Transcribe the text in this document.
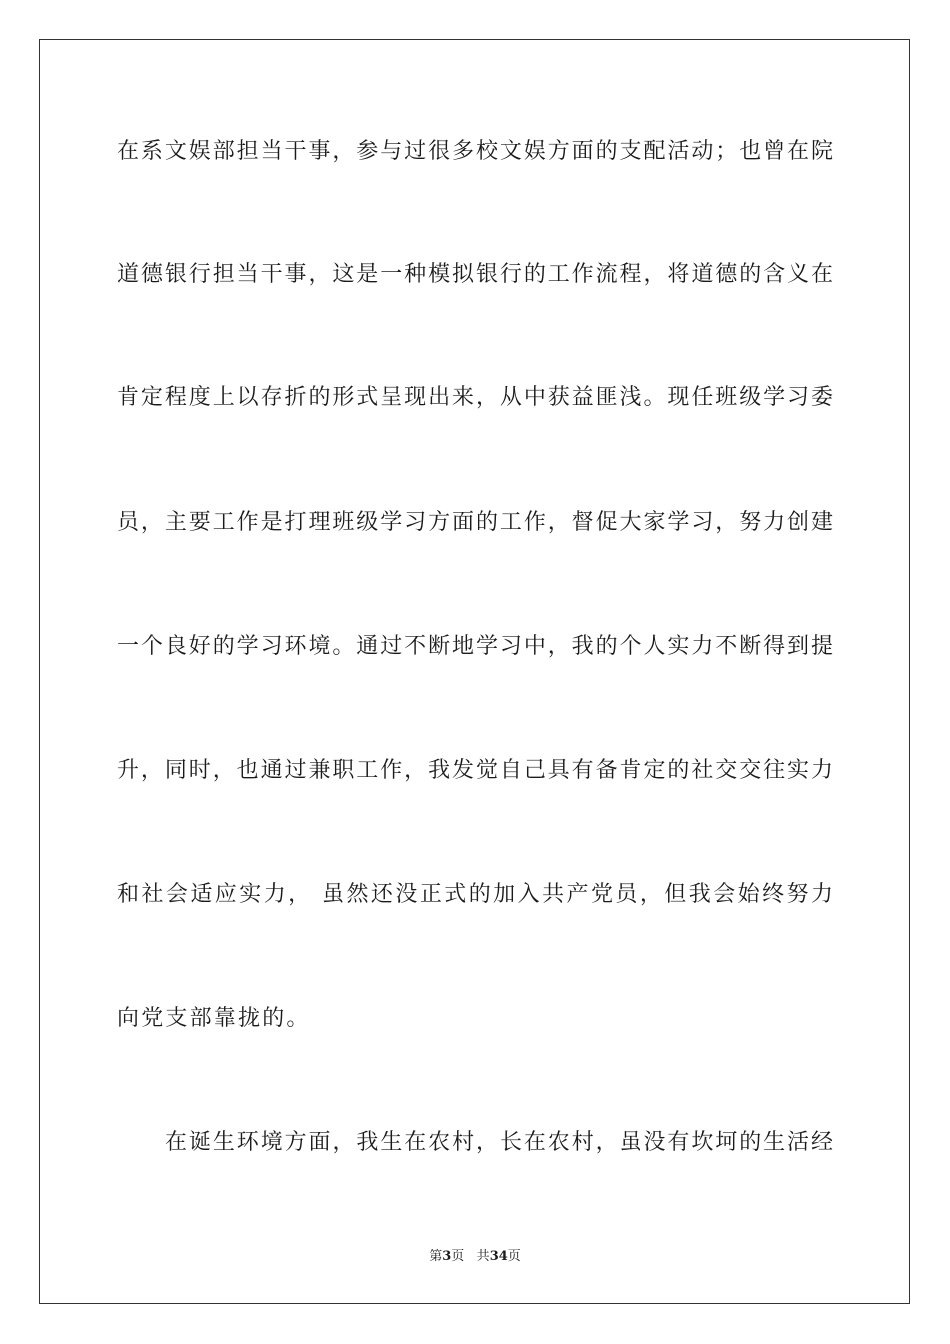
在系文娱部担当干事，参与过很多校文娱方面的支配活动；也曾在院
道德银行担当干事，这是一种模拟银行的工作流程，将道德的含义在
肯定程度上以存折的形式呈现出来，从中获益匪浅。现任班级学习委
员，主要工作是打理班级学习方面的工作，督促大家学习，努力创建
一个良好的学习环境。通过不断地学习中，我的个人实力不断得到提
升，同时，也通过兼职工作，我发觉自己具有备肯定的社交交往实力
和社会适应实力， 虽然还没正式的加入共产党员，但我会始终努力
向党支部靠拢的。
在诞生环境方面，我生在农村，长在农村，虽没有坎坷的生活经
第3页 共34页
